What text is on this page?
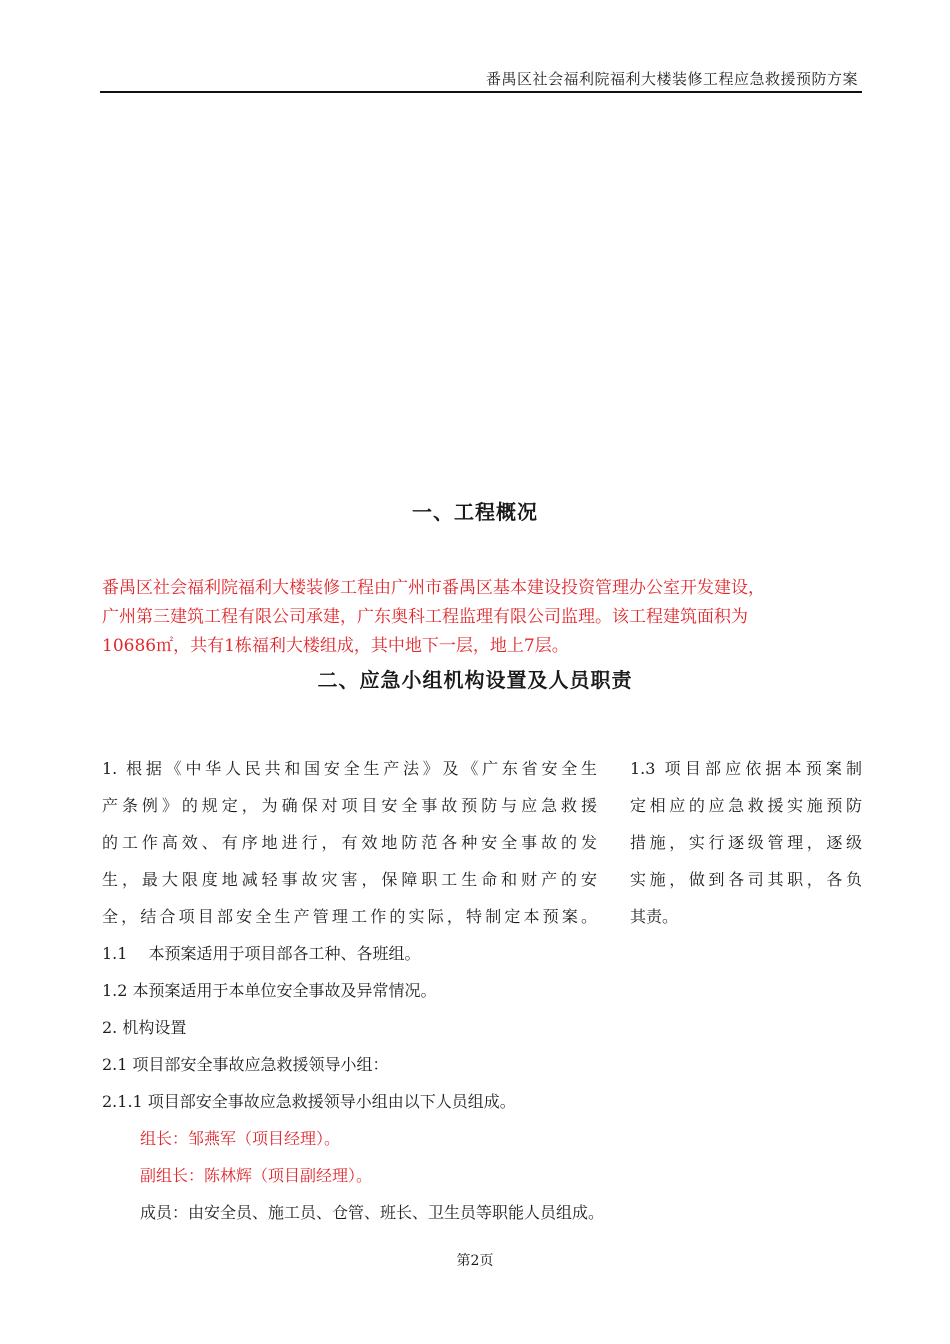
番禺区社会福利院福利大楼装修工程应急救援预防方案
一、工程概况

番禺区社会福利院福利大楼装修工程由广州市番禺区基本建设投资管理办公室开发建设，

广州第三建筑工程有限公司承建，广东奥科工程监理有限公司监理。该工程建筑面积为

10686㎡，共有1栋福利大楼组成，其中地下一层，地上7层。

二、应急小组机构设置及人员职责

1. 根据《中华人民共和国安全生产法》及《广东省安全生

产条例》的规定，为确保对项目安全事故预防与应急救援

的工作高效、有序地进行，有效地防范各种安全事故的发

生，最大限度地减轻事故灾害，保障职工生命和财产的安

全，结合项目部安全生产管理工作的实际，特制定本预案。

1.1　 本预案适用于项目部各工种、各班组。

1.2 本预案适用于本单位安全事故及异常情况。

2. 机构设置

2.1 项目部安全事故应急救援领导小组：

2.1.1 项目部安全事故应急救援领导小组由以下人员组成。

组长：邹燕军（项目经理）。

副组长：陈林辉（项目副经理）。

成员：由安全员、施工员、仓管、班长、卫生员等职能人员组成。

1.3 项目部应依据本预案制

定相应的应急救援实施预防

措施，实行逐级管理，逐级

实施，做到各司其职，各负

其责。

第2页
